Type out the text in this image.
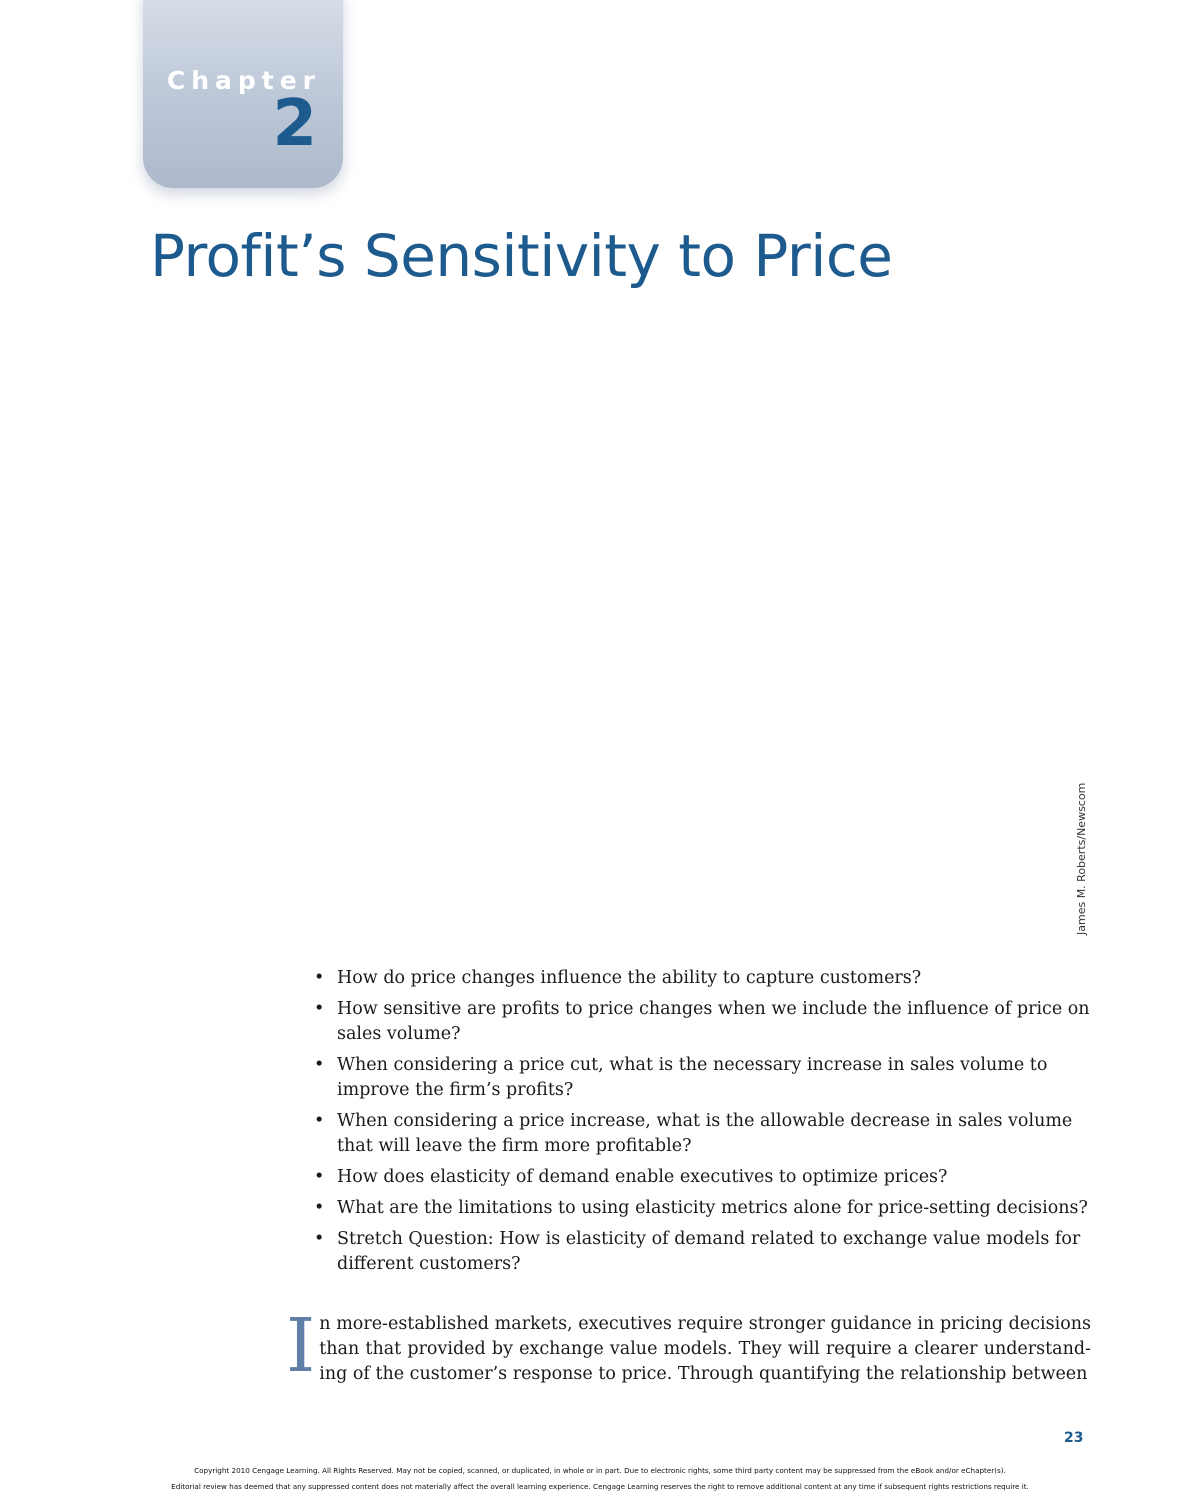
Chapter
2
Profit’s Sensitivity to Price
James M. Roberts/Newscom
• How do price changes influence the ability to capture customers?
• How sensitive are profits to price changes when we include the influence of price on sales volume?
• When considering a price cut, what is the necessary increase in sales volume to improve the firm’s profits?
• When considering a price increase, what is the allowable decrease in sales volume that will leave the firm more profitable?
• How does elasticity of demand enable executives to optimize prices?
• What are the limitations to using elasticity metrics alone for price-setting decisions?
• Stretch Question: How is elasticity of demand related to exchange value models for different customers?

In more-established markets, executives require stronger guidance in pricing decisions than that provided by exchange value models. They will require a clearer understand-ing of the customer’s response to price. Through quantifying the relationship between

23
Copyright 2010 Cengage Learning. All Rights Reserved. May not be copied, scanned, or duplicated, in whole or in part. Due to electronic rights, some third party content may be suppressed from the eBook and/or eChapter(s).
Editorial review has deemed that any suppressed content does not materially affect the overall learning experience. Cengage Learning reserves the right to remove additional content at any time if subsequent rights restrictions require it.
